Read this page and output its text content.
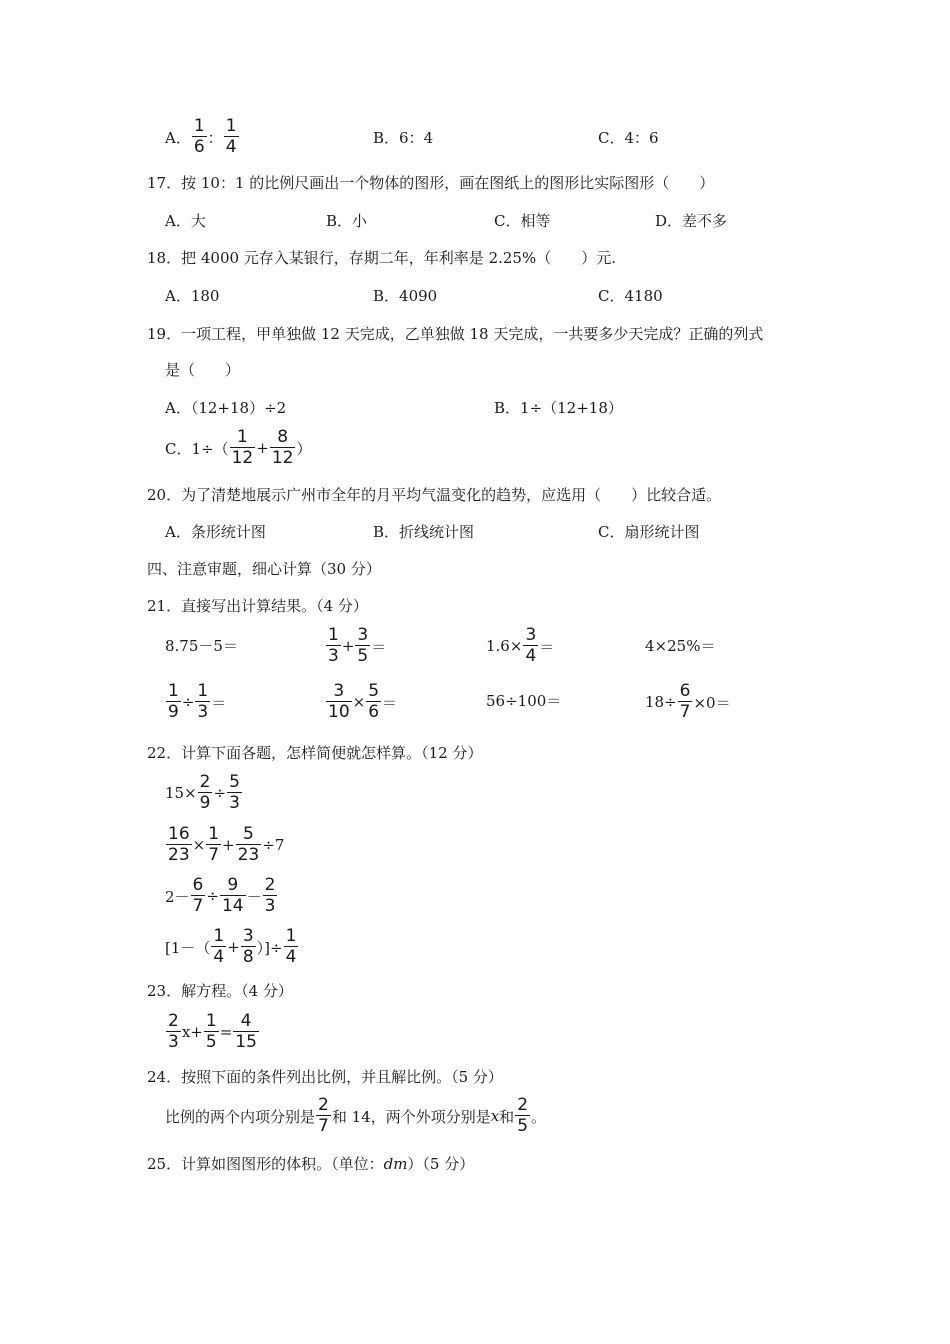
A． $\frac{1}{6}$ ： $\frac{1}{4}$	B．6：4	C．4：6
17．按 10：1 的比例尺画出一个物体的图形，画在图纸上的图形比实际图形（　　）
A．大	B．小	C．相等	D．差不多
18．把 4000 元存入某银行，存期二年，年利率是 2.25%（　　）元.
A．180	B．4090	C．4180
19．一项工程，甲单独做 12 天完成，乙单独做 18 天完成，一共要多少天完成？正确的列式
是（　　）
A．（12+18）÷2	B．1÷（12+18）
C．$1\div( \frac{1}{12} + \frac{8}{12}$ ）
20．为了清楚地展示广州市全年的月平均气温变化的趋势，应选用（　　）比较合适。
A．条形统计图	B．折线统计图	C．扇形统计图
四、注意审题，细心计算（30 分）
21．直接写出计算结果。（4 分）
8.75－5＝	$\frac{1}{3} + \frac{3}{5}$ ＝	$1.6\times \frac{3}{4}$ ＝	4×25%＝
$\frac{1}{9} \div \frac{1}{3}$ ＝	$\frac{3}{10} \times \frac{5}{6}$ ＝	56÷100＝	$18\div \frac{6}{7} \times 0=$
22．计算下面各题，怎样简便就怎样算。（12 分）
$15\times \frac{2}{9} \div \frac{5}{3}$
$\frac{16}{23} \times \frac{1}{7} + \frac{5}{23} \div 7$
$2- \frac{6}{7} \div \frac{9}{14} - \frac{2}{3}$
[$1-( \frac{1}{4} + \frac{3}{8}$ ）]÷ $\frac{1}{4}$
23．解方程。（4 分）
$\frac{2}{3} x+ \frac{1}{5} = \frac{4}{15}$
24．按照下面的条件列出比例，并且解比例。（5 分）
比例的两个内项分别是 $\frac{2}{7}$ 和 14，两个外项分别是 x 和 $\frac{2}{5}$ 。
25．计算如图图形的体积。（单位：dm）（5 分）
